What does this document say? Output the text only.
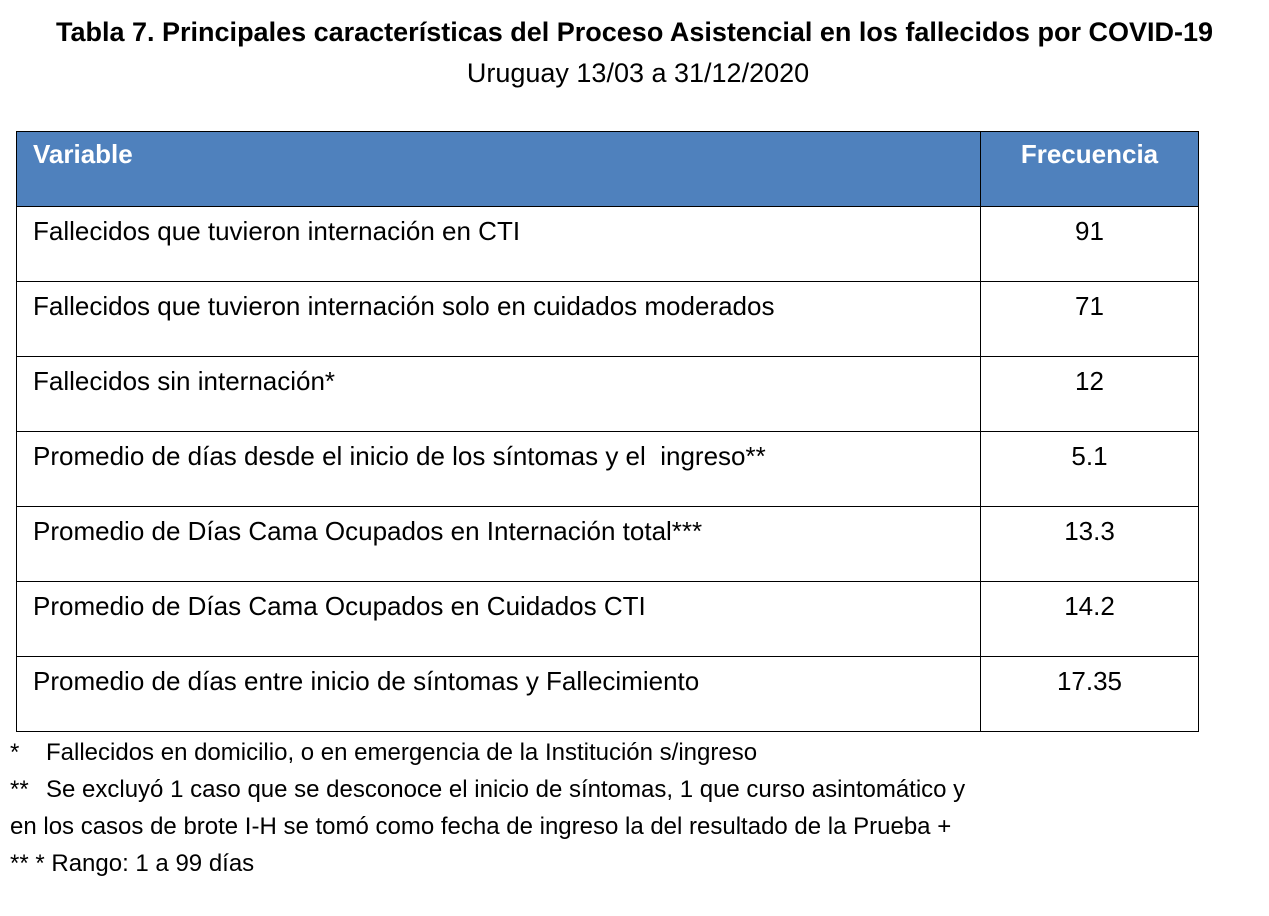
Tabla 7. Principales características del Proceso Asistencial en los fallecidos por COVID-19
Uruguay 13/03 a 31/12/2020
Variable	Frecuencia
Fallecidos que tuvieron internación en CTI	91
Fallecidos que tuvieron internación solo en cuidados moderados	71
Fallecidos sin internación*	12
Promedio de días desde el inicio de los síntomas y el  ingreso**	5.1
Promedio de Días Cama Ocupados en Internación total***	13.3
Promedio de Días Cama Ocupados en Cuidados CTI	14.2
Promedio de días entre inicio de síntomas y Fallecimiento	17.35
* Fallecidos en domicilio, o en emergencia de la Institución s/ingreso
** Se excluyó 1 caso que se desconoce el inicio de síntomas, 1 que curso asintomático y
en los casos de brote I-H se tomó como fecha de ingreso la del resultado de la Prueba +
** * Rango: 1 a 99 días
